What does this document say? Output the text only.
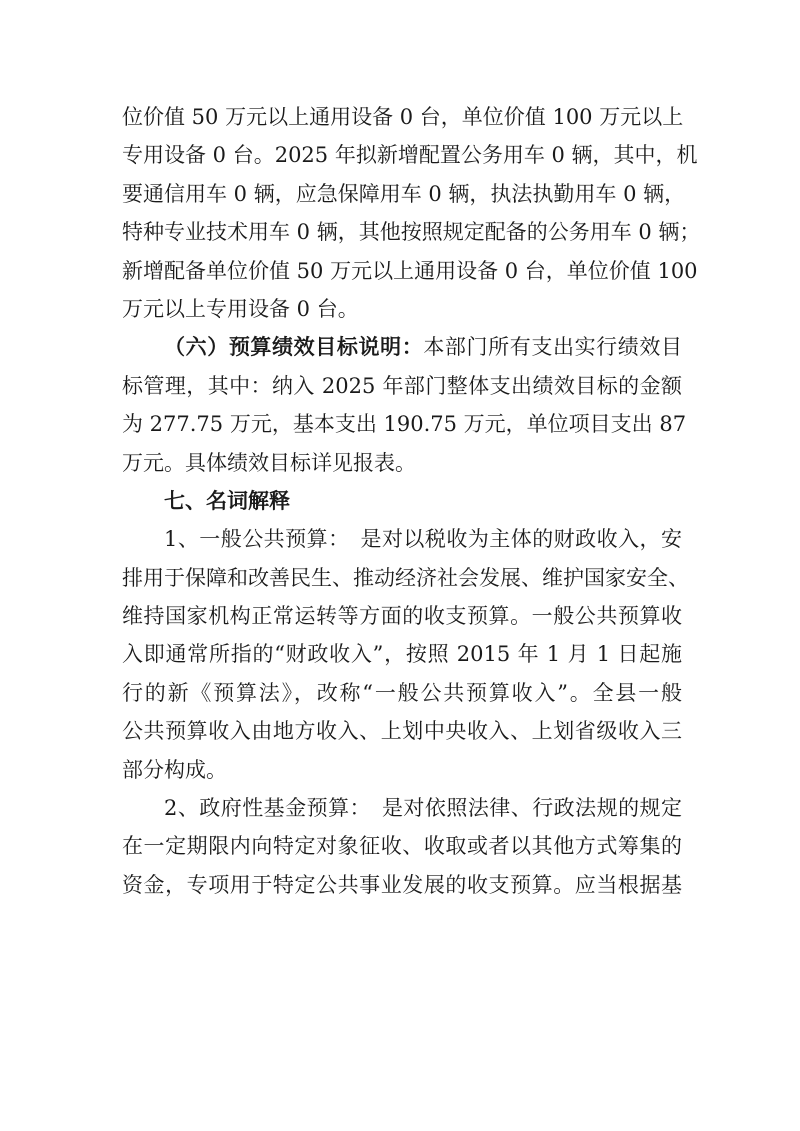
位价值 50 万元以上通用设备 0 台，单位价值 100 万元以上
专用设备 0 台。2025 年拟新增配置公务用车 0 辆，其中，机
要通信用车 0 辆，应急保障用车 0 辆，执法执勤用车 0 辆，
特种专业技术用车 0 辆，其他按照规定配备的公务用车 0 辆；
新增配备单位价值 50 万元以上通用设备 0 台，单位价值 100
万元以上专用设备 0 台。
（六）预算绩效目标说明：本部门所有支出实行绩效目
标管理，其中：纳入 2025 年部门整体支出绩效目标的金额
为 277.75 万元，基本支出 190.75 万元，单位项目支出 87
万元。具体绩效目标详见报表。
七、名词解释
1、一般公共预算：　是对以税收为主体的财政收入，安
排用于保障和改善民生、推动经济社会发展、维护国家安全、
维持国家机构正常运转等方面的收支预算。一般公共预算收
入即通常所指的“财政收入”，按照 2015 年 1 月 1 日起施
行的新《预算法》，改称“一般公共预算收入”。全县一般
公共预算收入由地方收入、上划中央收入、上划省级收入三
部分构成。
2、政府性基金预算：　是对依照法律、行政法规的规定
在一定期限内向特定对象征收、收取或者以其他方式筹集的
资金，专项用于特定公共事业发展的收支预算。应当根据基
